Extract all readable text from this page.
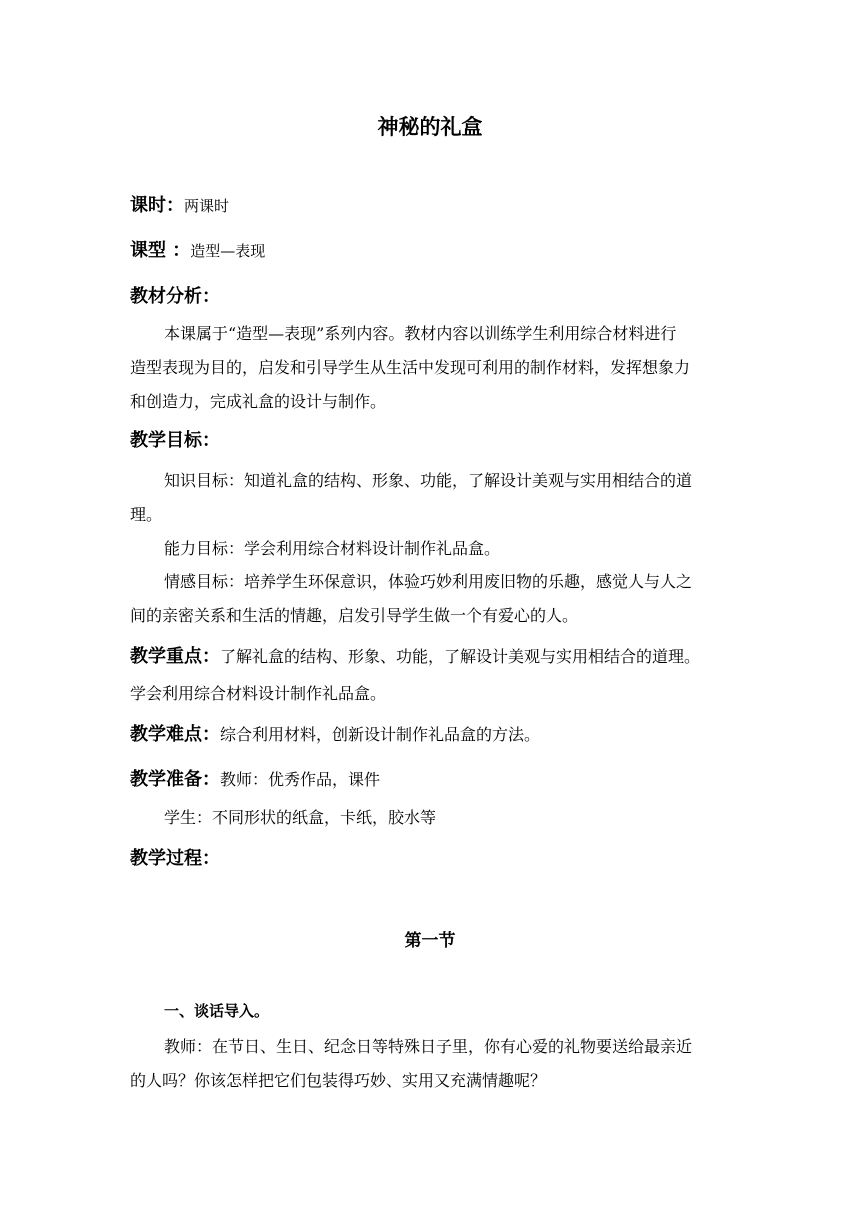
神秘的礼盒
课时：两课时
课型 ：造型—表现
教材分析：
本课属于“造型—表现”系列内容。教材内容以训练学生利用综合材料进行
造型表现为目的，启发和引导学生从生活中发现可利用的制作材料，发挥想象力
和创造力，完成礼盒的设计与制作。
教学目标：
知识目标：知道礼盒的结构、形象、功能，了解设计美观与实用相结合的道
理。
能力目标：学会利用综合材料设计制作礼品盒。
情感目标：培养学生环保意识，体验巧妙利用废旧物的乐趣，感觉人与人之
间的亲密关系和生活的情趣，启发引导学生做一个有爱心的人。
教学重点：了解礼盒的结构、形象、功能，了解设计美观与实用相结合的道理。
学会利用综合材料设计制作礼品盒。
教学难点：综合利用材料，创新设计制作礼品盒的方法。
教学准备：教师：优秀作品，课件
学生：不同形状的纸盒，卡纸，胶水等
教学过程：
第一节
一、谈话导入。
教师：在节日、生日、纪念日等特殊日子里，你有心爱的礼物要送给最亲近
的人吗？你该怎样把它们包装得巧妙、实用又充满情趣呢？
